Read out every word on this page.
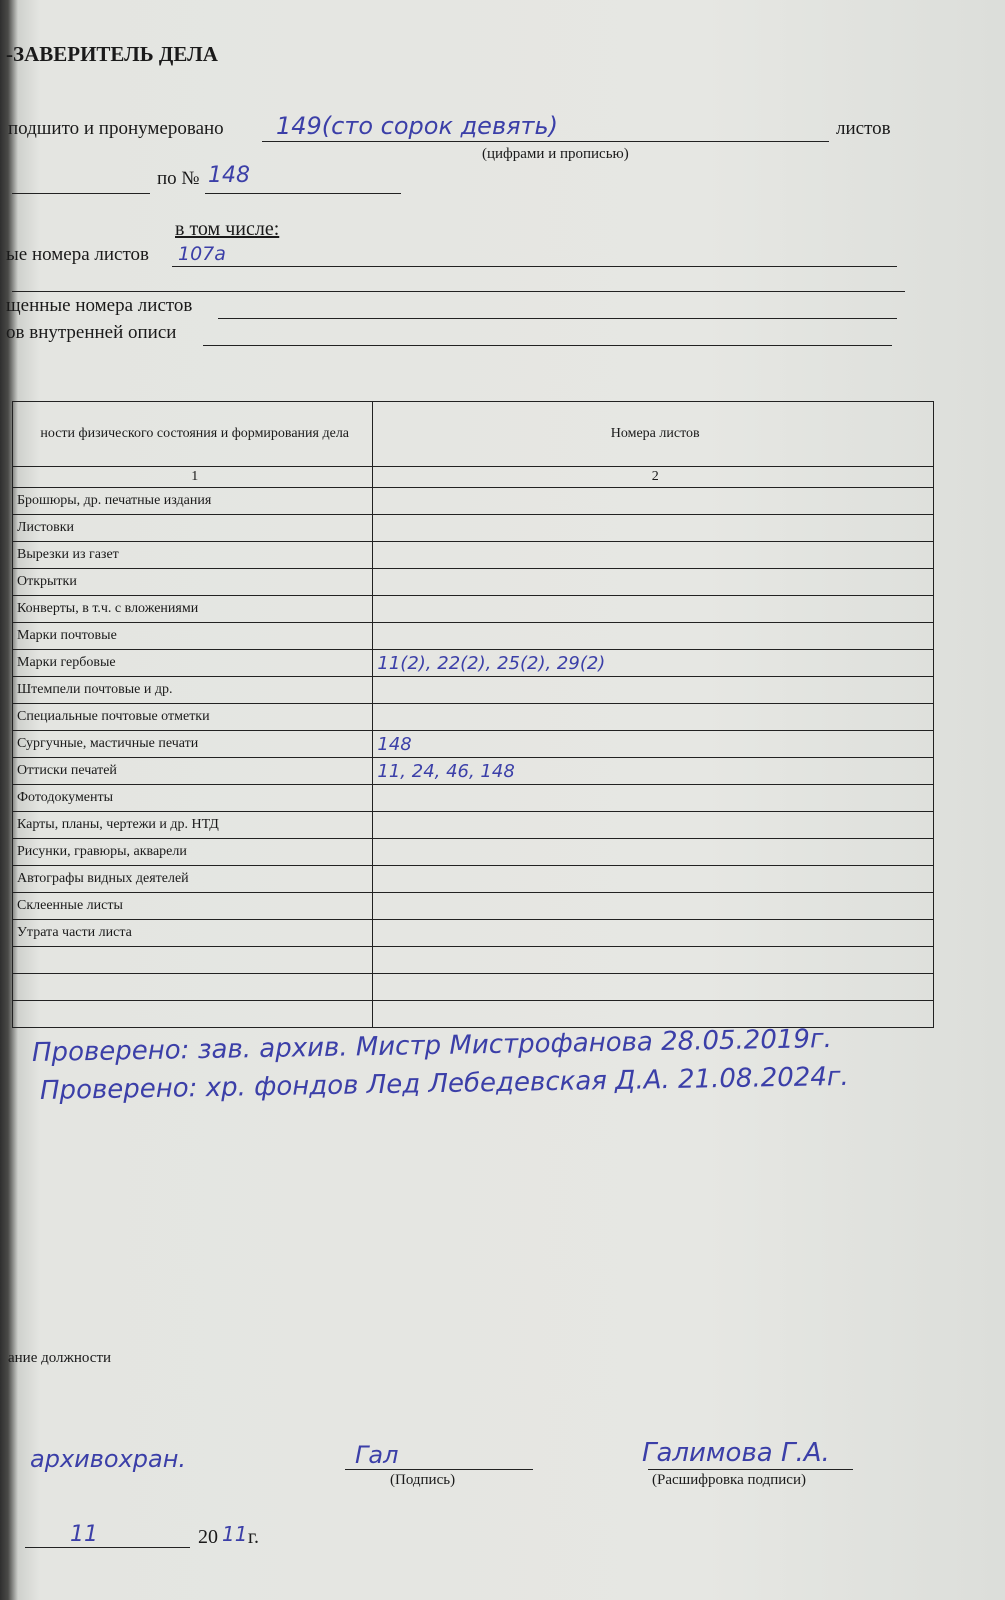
-ЗАВЕРИТЕЛЬ ДЕЛА
подшито и пронумеровано 149(сто сорок девять)	листов
(цифрами и прописью)
по № 148
в том числе:
ые номера листов 107а
щенные номера листов
ов внутренней описи
ности физического состояния и формирования дела	Номера листов
1	2
Брошюры, др. печатные издания	
Листовки	
Вырезки из газет	
Открытки	
Конверты, в т.ч. с вложениями	
Марки почтовые	
Марки гербовые	11(2), 22(2), 25(2), 29(2)
Штемпели почтовые и др.	
Специальные почтовые отметки	
Сургучные, мастичные печати	148
Оттиски печатей	11, 24, 46, 148
Фотодокументы	
Карты, планы, чертежи и др. НТД	
Рисунки, гравюры, акварели	
Автографы видных деятелей	
Склеенные листы	
Утрата части листа	

Проверено: зав. архив. Мистр Мистрофанова 28.05.2019г.
Проверено: хр. фондов Лед Лебедевская Д.А. 21.08.2024г.
ание должности
архивохран.	Гал
(Подпись)
Галимова Г.А.
(Расшифровка подписи)
11	20 11 г.
